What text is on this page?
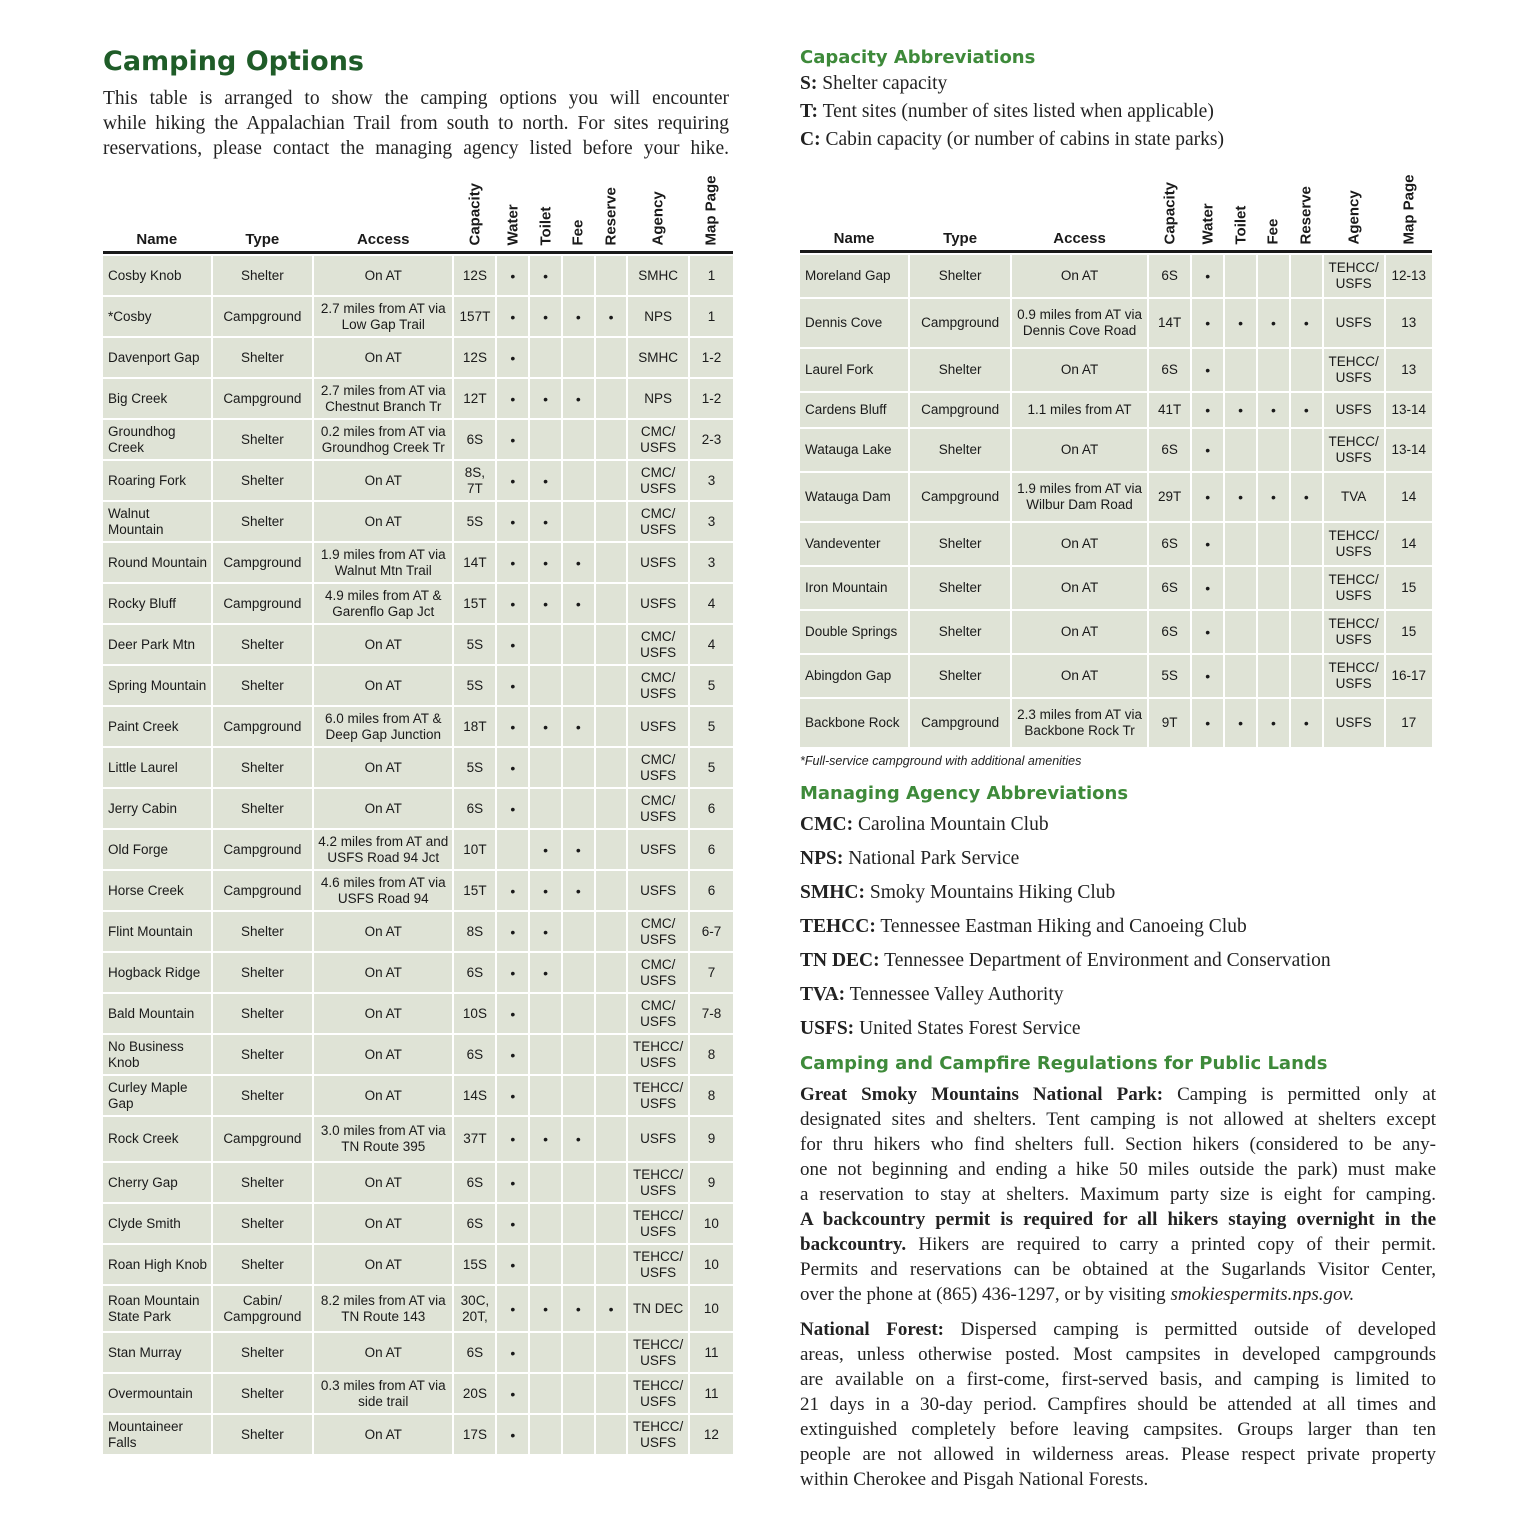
Camping Options
This table is arranged to show the camping options you will encounter
while hiking the Appalachian Trail from south to north. For sites requiring
reservations, please contact the managing agency listed before your hike.
Name	Type	Access	Capacity	Water	Toilet	Fee	Reserve	Agency	Map Page

Cosby Knob	Shelter	On AT	12S	•	•			SMHC	1
*Cosby	Campground	2.7 miles from AT via Low Gap Trail	157T	•	•	•	•	NPS	1
Davenport Gap	Shelter	On AT	12S	•				SMHC	1-2
Big Creek	Campground	2.7 miles from AT via Chestnut Branch Tr	12T	•	•	•		NPS	1-2
Groundhog Creek	Shelter	0.2 miles from AT via Groundhog Creek Tr	6S	•				CMC/ USFS	2-3
Roaring Fork	Shelter	On AT	8S, 7T	•	•			CMC/ USFS	3
Walnut Mountain	Shelter	On AT	5S	•	•			CMC/ USFS	3
Round Mountain	Campground	1.9 miles from AT via Walnut Mtn Trail	14T	•	•	•		USFS	3
Rocky Bluff	Campground	4.9 miles from AT & Garenflo Gap Jct	15T	•	•	•		USFS	4
Deer Park Mtn	Shelter	On AT	5S	•				CMC/ USFS	4
Spring Mountain	Shelter	On AT	5S	•				CMC/ USFS	5
Paint Creek	Campground	6.0 miles from AT & Deep Gap Junction	18T	•	•	•		USFS	5
Little Laurel	Shelter	On AT	5S	•				CMC/ USFS	5
Jerry Cabin	Shelter	On AT	6S	•				CMC/ USFS	6
Old Forge	Campground	4.2 miles from AT and USFS Road 94 Jct	10T		•	•		USFS	6
Horse Creek	Campground	4.6 miles from AT via USFS Road 94	15T	•	•	•		USFS	6
Flint Mountain	Shelter	On AT	8S	•	•			CMC/ USFS	6-7
Hogback Ridge	Shelter	On AT	6S	•	•			CMC/ USFS	7
Bald Mountain	Shelter	On AT	10S	•				CMC/ USFS	7-8
No Business Knob	Shelter	On AT	6S	•				TEHCC/ USFS	8
Curley Maple Gap	Shelter	On AT	14S	•				TEHCC/ USFS	8
Rock Creek	Campground	3.0 miles from AT via TN Route 395	37T	•	•	•		USFS	9
Cherry Gap	Shelter	On AT	6S	•				TEHCC/ USFS	9
Clyde Smith	Shelter	On AT	6S	•				TEHCC/ USFS	10
Roan High Knob	Shelter	On AT	15S	•				TEHCC/ USFS	10
Roan Mountain State Park	Cabin/ Campground	8.2 miles from AT via TN Route 143	30C, 20T,	•	•	•	•	TN DEC	10
Stan Murray	Shelter	On AT	6S	•				TEHCC/ USFS	11
Overmountain	Shelter	0.3 miles from AT via side trail	20S	•				TEHCC/ USFS	11
Mountaineer Falls	Shelter	On AT	17S	•				TEHCC/ USFS	12
Capacity Abbreviations
S: Shelter capacity
T: Tent sites (number of sites listed when applicable)
C: Cabin capacity (or number of cabins in state parks)
Name	Type	Access	Capacity	Water	Toilet	Fee	Reserve	Agency	Map Page

Moreland Gap	Shelter	On AT	6S	•				TEHCC/ USFS	12-13
Dennis Cove	Campground	0.9 miles from AT via Dennis Cove Road	14T	•	•	•	•	USFS	13
Laurel Fork	Shelter	On AT	6S	•				TEHCC/ USFS	13
Cardens Bluff	Campground	1.1 miles from AT	41T	•	•	•	•	USFS	13-14
Watauga Lake	Shelter	On AT	6S	•				TEHCC/ USFS	13-14
Watauga Dam	Campground	1.9 miles from AT via Wilbur Dam Road	29T	•	•	•	•	TVA	14
Vandeventer	Shelter	On AT	6S	•				TEHCC/ USFS	14
Iron Mountain	Shelter	On AT	6S	•				TEHCC/ USFS	15
Double Springs	Shelter	On AT	6S	•				TEHCC/ USFS	15
Abingdon Gap	Shelter	On AT	5S	•				TEHCC/ USFS	16-17
Backbone Rock	Campground	2.3 miles from AT via Backbone Rock Tr	9T	•	•	•	•	USFS	17
*Full-service campground with additional amenities
Managing Agency Abbreviations
CMC: Carolina Mountain Club
NPS: National Park Service
SMHC: Smoky Mountains Hiking Club
TEHCC: Tennessee Eastman Hiking and Canoeing Club
TN DEC: Tennessee Department of Environment and Conservation
TVA: Tennessee Valley Authority
USFS: United States Forest Service
Camping and Campfire Regulations for Public Lands
Great Smoky Mountains National Park: Camping is permitted only at
designated sites and shelters. Tent camping is not allowed at shelters except
for thru hikers who find shelters full. Section hikers (considered to be any-
one not beginning and ending a hike 50 miles outside the park) must make
a reservation to stay at shelters. Maximum party size is eight for camping.
A backcountry permit is required for all hikers staying overnight in the
backcountry. Hikers are required to carry a printed copy of their permit.
Permits and reservations can be obtained at the Sugarlands Visitor Center,
over the phone at (865) 436-1297, or by visiting smokiespermits.nps.gov.
National Forest: Dispersed camping is permitted outside of developed
areas, unless otherwise posted. Most campsites in developed campgrounds
are available on a first-come, first-served basis, and camping is limited to
21 days in a 30-day period. Campfires should be attended at all times and
extinguished completely before leaving campsites. Groups larger than ten
people are not allowed in wilderness areas. Please respect private property
within Cherokee and Pisgah National Forests.
